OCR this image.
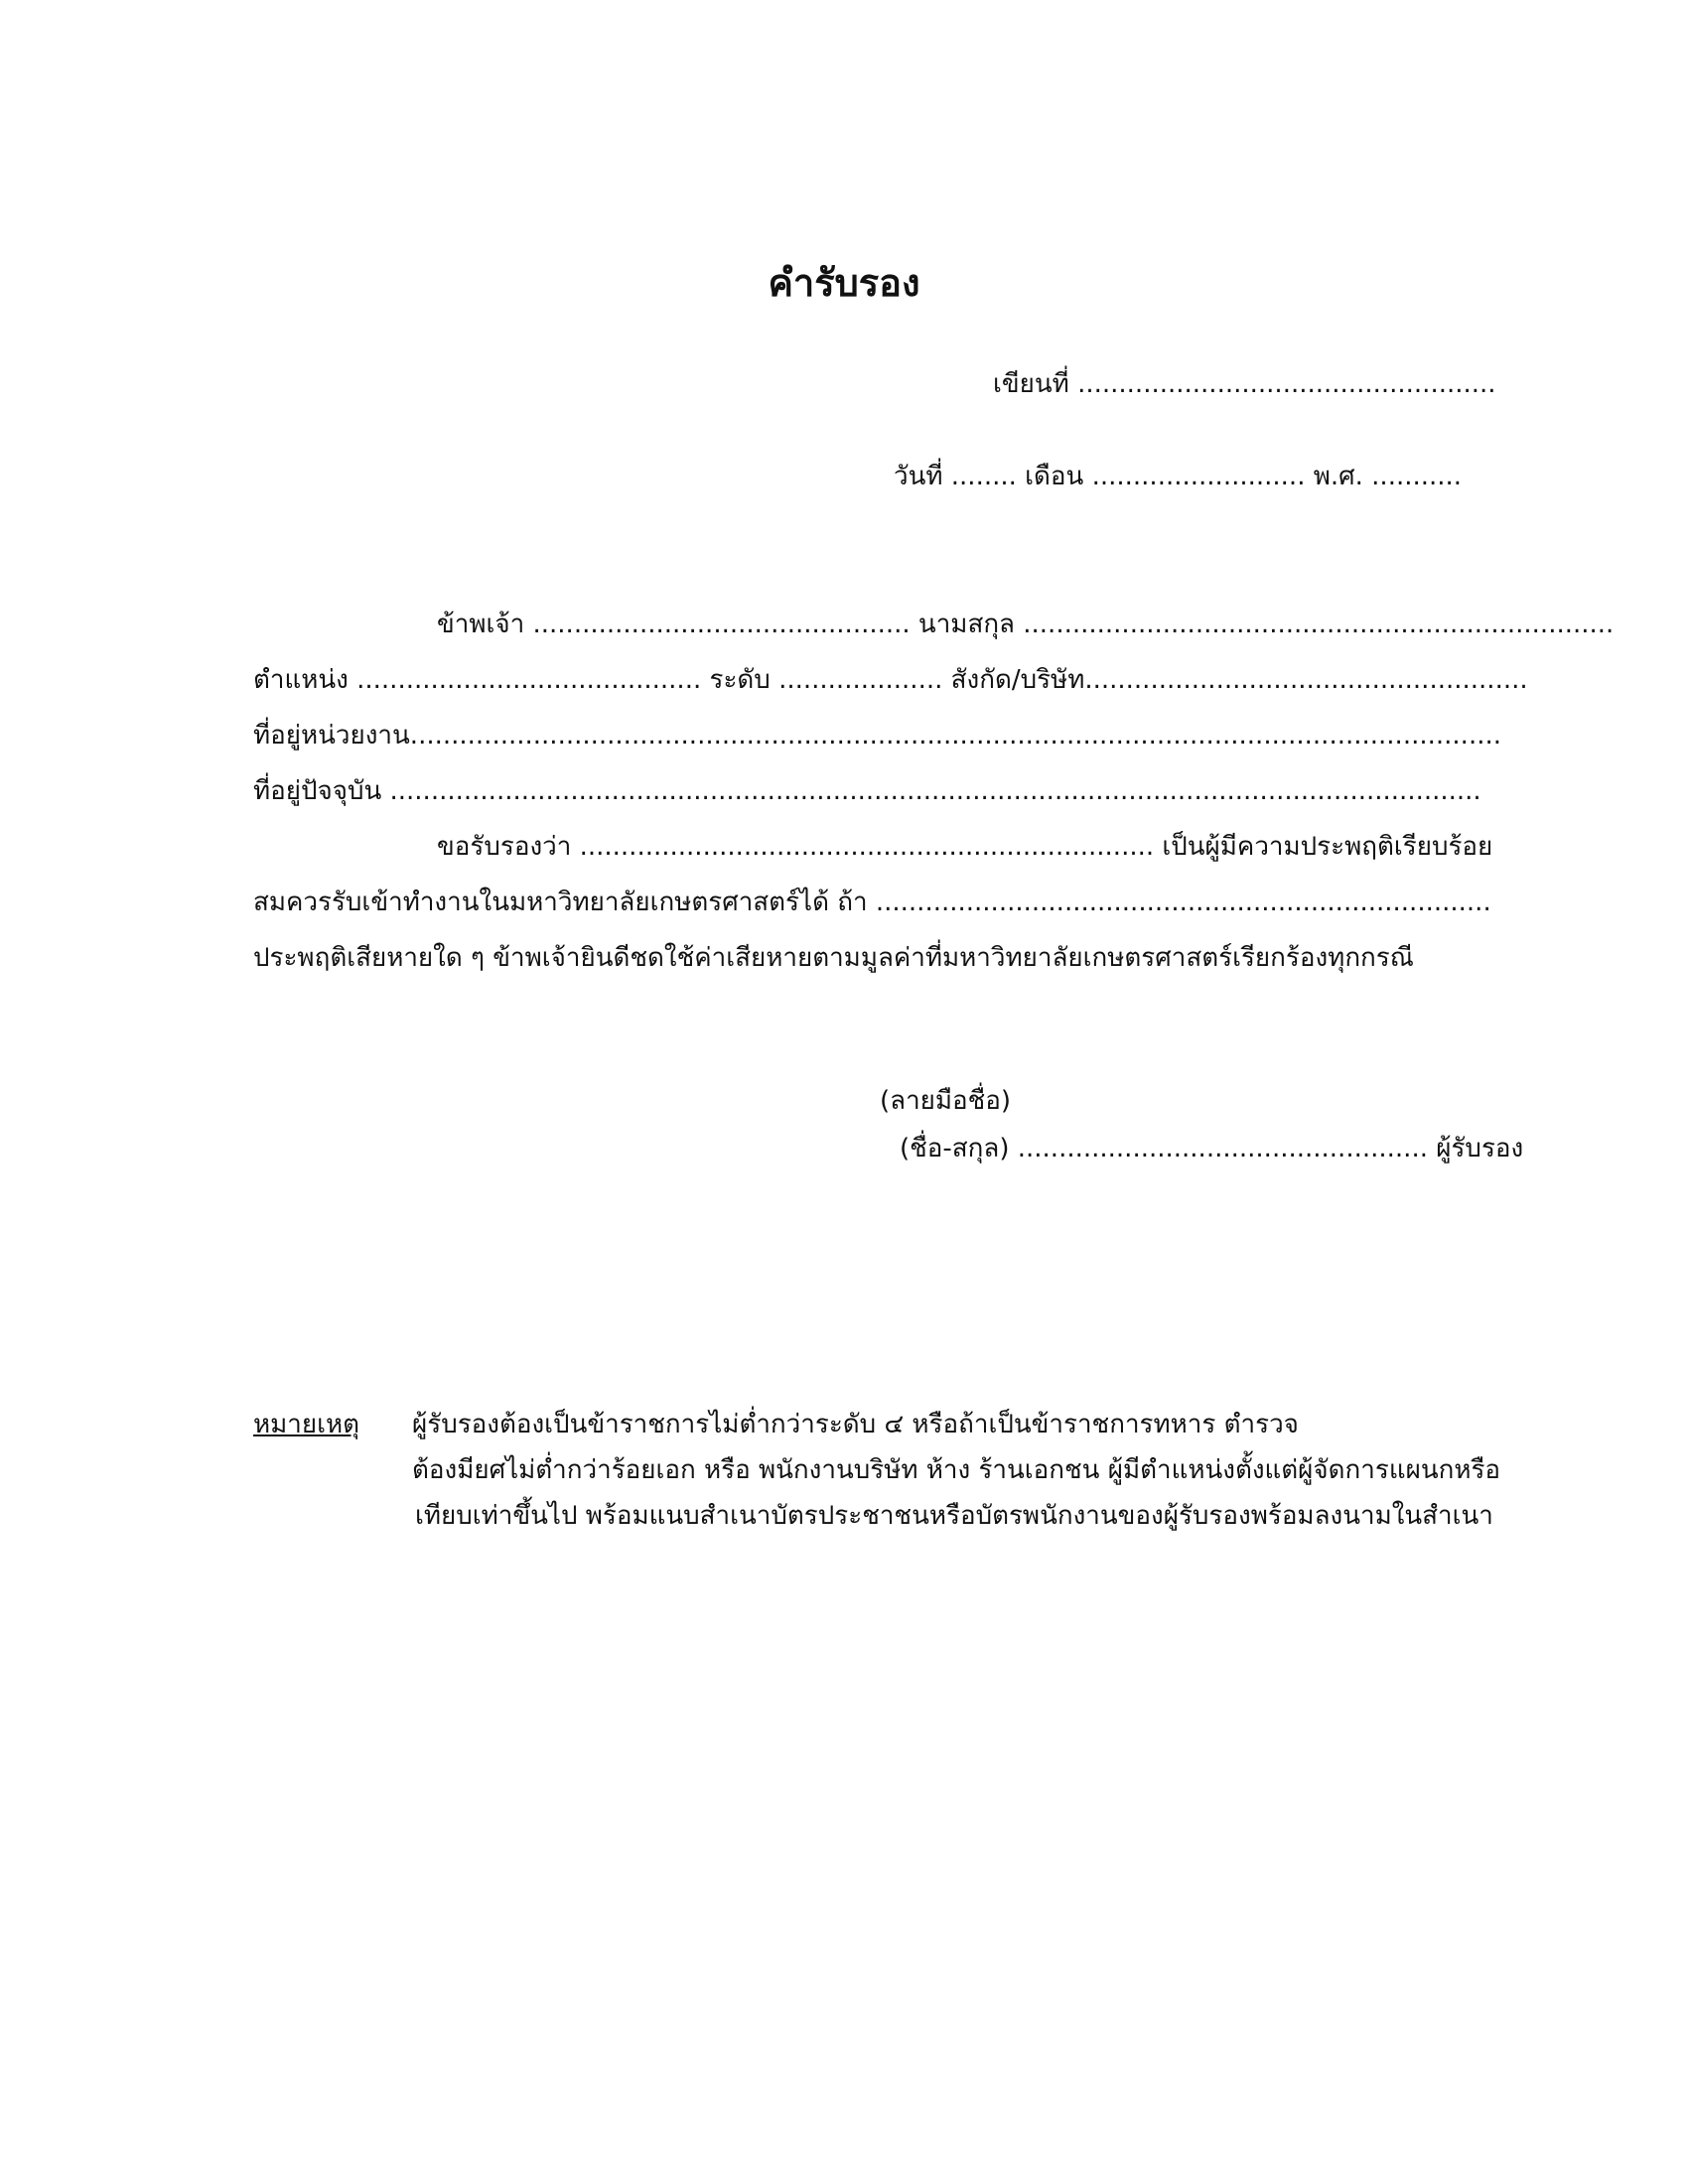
คำรับรอง
เขียนที่ ...................................................
วันที่ ........ เดือน .......................... พ.ศ. ...........
ข้าพเจ้า .............................................. นามสกุล ........................................................................
ตำแหน่ง .......................................... ระดับ .................... สังกัด/บริษัท......................................................
ที่อยู่หน่วยงาน.....................................................................................................................................
ที่อยู่ปัจจุบัน .....................................................................................................................................
ขอรับรองว่า ...................................................................... เป็นผู้มีความประพฤติเรียบร้อย
สมควรรับเข้าทำงานในมหาวิทยาลัยเกษตรศาสตร์ได้ ถ้า ...........................................................................
ประพฤติเสียหายใด ๆ ข้าพเจ้ายินดีชดใช้ค่าเสียหายตามมูลค่าที่มหาวิทยาลัยเกษตรศาสตร์เรียกร้องทุกกรณี
(ลายมือชื่อ)
(ชื่อ-สกุล) .................................................. ผู้รับรอง
หมายเหตุ ผู้รับรองต้องเป็นข้าราชการไม่ต่ำกว่าระดับ ๔ หรือถ้าเป็นข้าราชการทหาร ตำรวจ
ต้องมียศไม่ต่ำกว่าร้อยเอก หรือ พนักงานบริษัท ห้าง ร้านเอกชน ผู้มีตำแหน่งตั้งแต่ผู้จัดการแผนกหรือ
เทียบเท่าขึ้นไป พร้อมแนบสำเนาบัตรประชาชนหรือบัตรพนักงานของผู้รับรองพร้อมลงนามในสำเนา
